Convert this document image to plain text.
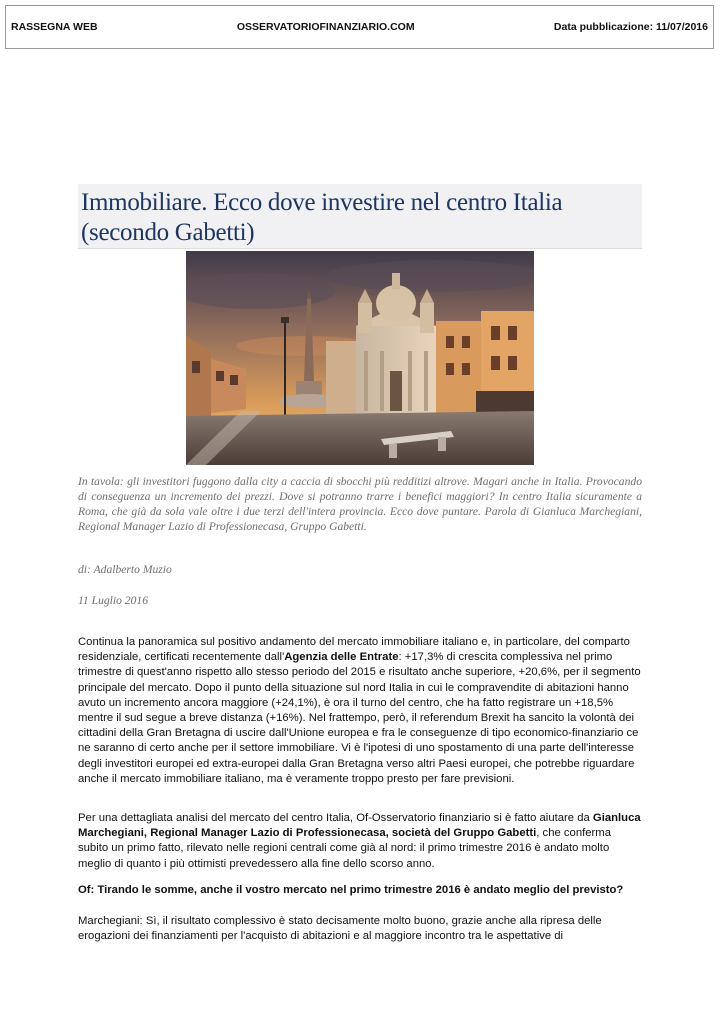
RASSEGNA WEB	OSSERVATORIOFINANZIARIO.COM	Data pubblicazione: 11/07/2016
Immobiliare. Ecco dove investire nel centro Italia (secondo Gabetti)

In tavola: gli investitori fuggono dalla city a caccia di sbocchi più redditizi altrove. Magari anche in Italia. Provocando di conseguenza un incremento dei prezzi. Dove si potranno trarre i benefici maggiori? In centro Italia sicuramente a Roma, che già da sola vale oltre i due terzi dell'intera provincia. Ecco dove puntare. Parola di Gianluca Marchegiani, Regional Manager Lazio di Professionecasa, Gruppo Gabetti.

di: Adalberto Muzio

11 Luglio 2016

Continua la panoramica sul positivo andamento del mercato immobiliare italiano e, in particolare, del comparto residenziale, certificati recentemente dall'Agenzia delle Entrate: +17,3% di crescita complessiva nel primo trimestre di quest'anno rispetto allo stesso periodo del 2015 e risultato anche superiore, +20,6%, per il segmento principale del mercato. Dopo il punto della situazione sul nord Italia in cui le compravendite di abitazioni hanno avuto un incremento ancora maggiore (+24,1%), è ora il turno del centro, che ha fatto registrare un +18,5% mentre il sud segue a breve distanza (+16%). Nel frattempo, però, il referendum Brexit ha sancito la volontà dei cittadini della Gran Bretagna di uscire dall'Unione europea e fra le conseguenze di tipo economico-finanziario ce ne saranno di certo anche per il settore immobiliare. Vi è l'ipotesi di uno spostamento di una parte dell'interesse degli investitori europei ed extra-europei dalla Gran Bretagna verso altri Paesi europei, che potrebbe riguardare anche il mercato immobiliare italiano, ma è veramente troppo presto per fare previsioni.

Per una dettagliata analisi del mercato del centro Italia, Of-Osservatorio finanziario si è fatto aiutare da Gianluca Marchegiani, Regional Manager Lazio di Professionecasa, società del Gruppo Gabetti, che conferma subito un primo fatto, rilevato nelle regioni centrali come già al nord: il primo trimestre 2016 è andato molto meglio di quanto i più ottimisti prevedessero alla fine dello scorso anno.

Of: Tirando le somme, anche il vostro mercato nel primo trimestre 2016 è andato meglio del previsto?

Marchegiani: Sì, il risultato complessivo è stato decisamente molto buono, grazie anche alla ripresa delle erogazioni dei finanziamenti per l'acquisto di abitazioni e al maggiore incontro tra le aspettative di
